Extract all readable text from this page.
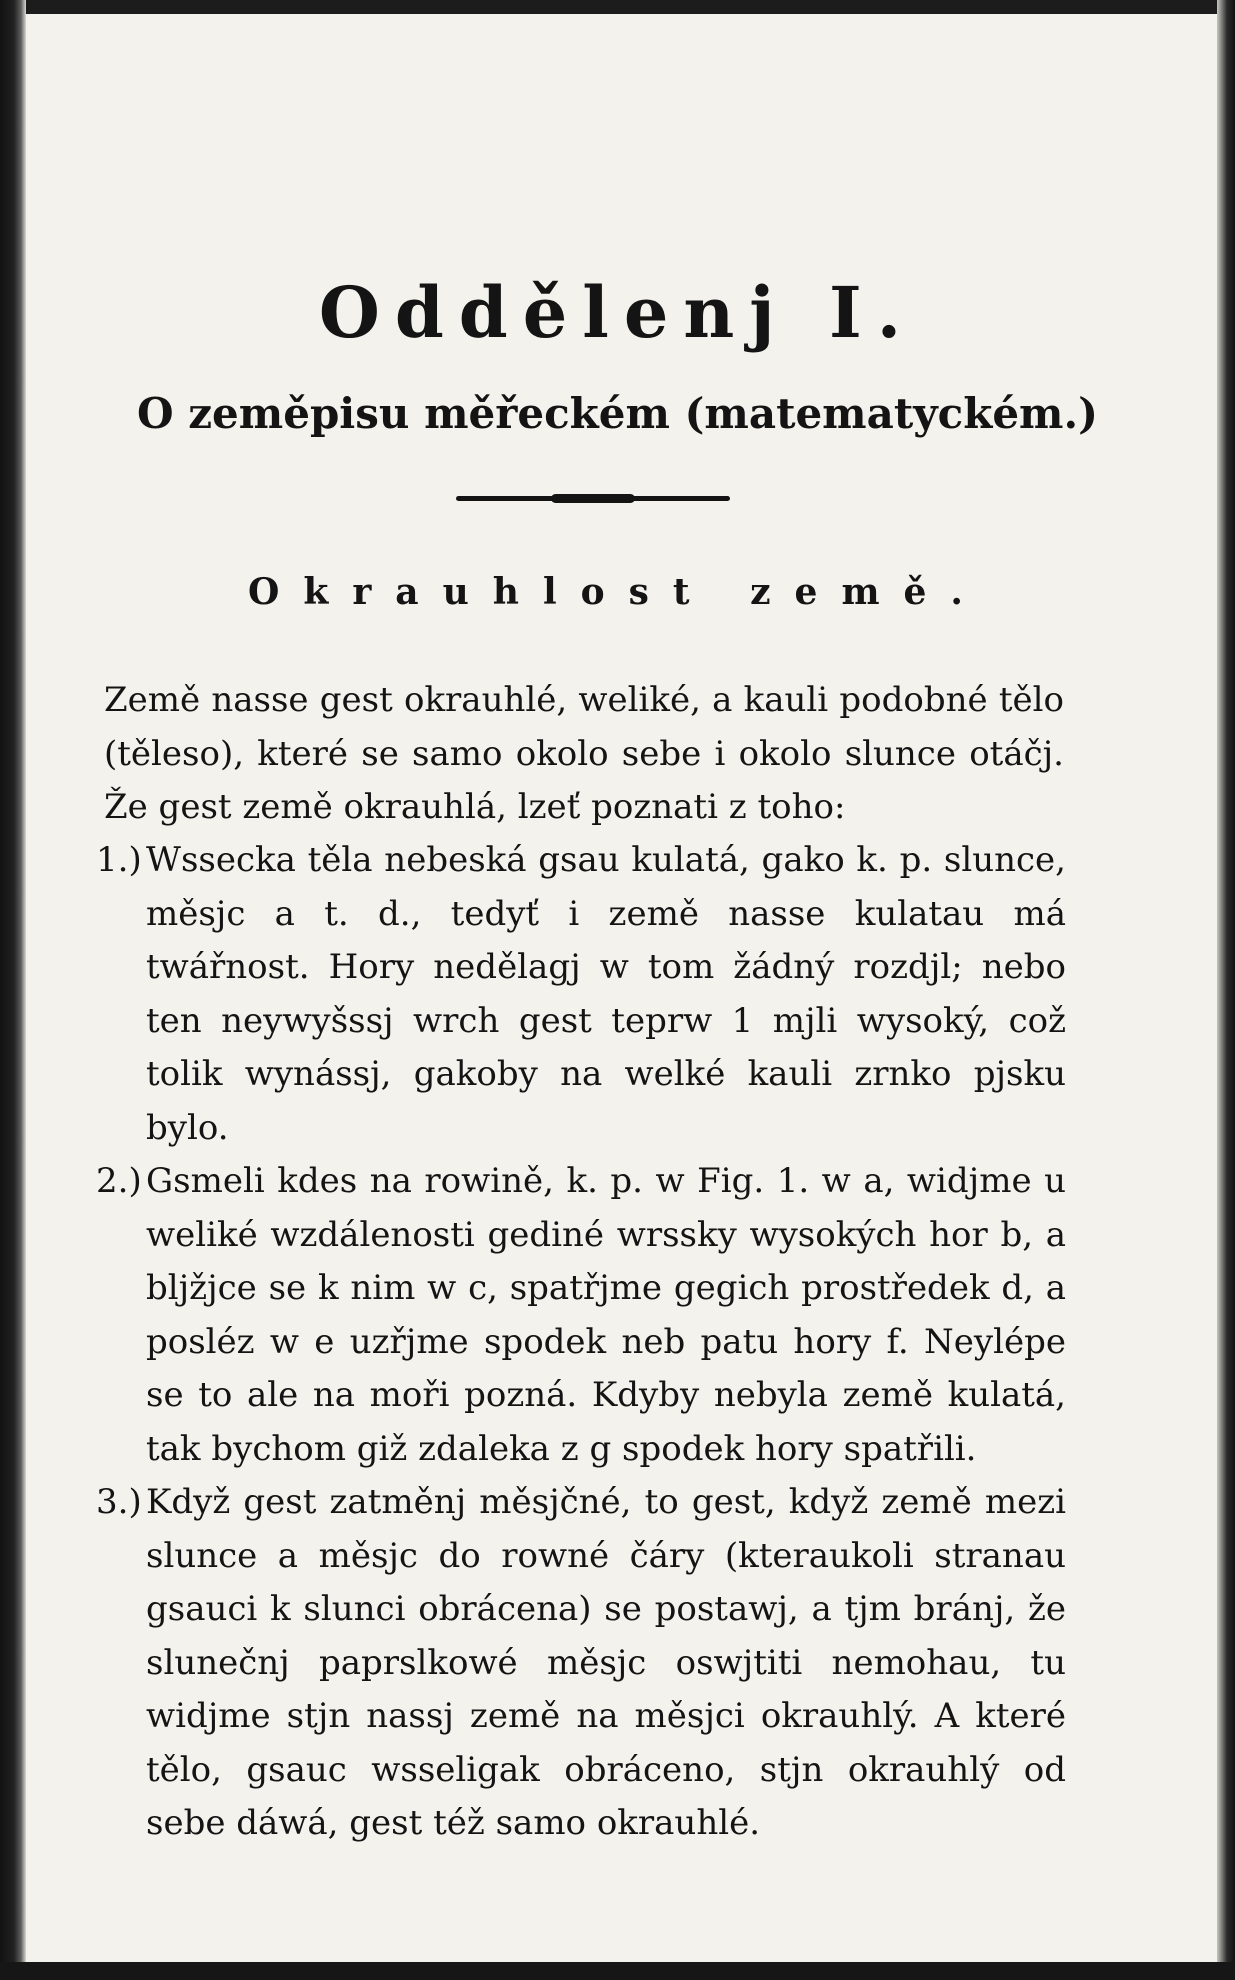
Oddělenj I.
O zeměpisu měřeckém (matematyckém.)
Okrauhlost země.
Země nasse gest okrauhlé, weliké, a kauli podobné tělo (těleso), které se samo okolo sebe i okolo slunce otáčj. Že gest země okrauhlá, lzeť poznati z toho:
1.) Wssecka těla nebeská gsau kulatá, gako k. p. slunce, měsjc a t. d., tedyť i země nasse kulatau má twářnost. Hory nedělagj w tom žádný rozdjl; nebo ten neywyšssj wrch gest teprw 1 mjli wysoký, což tolik wynássj, gakoby na welké kauli zrnko pjsku bylo.
2.) Gsmeli kdes na rowině, k. p. w Fig. 1. w a, widjme u weliké wzdálenosti gediné wrssky wysokých hor b, a bljžjce se k nim w c, spatřjme gegich prostředek d, a posléz w e uzřjme spodek neb patu hory f. Neylépe se to ale na moři pozná. Kdyby nebyla země kulatá, tak bychom giž zdaleka z g spodek hory spatřili.
3.) Když gest zatměnj měsjčné, to gest, když země mezi slunce a měsjc do rowné čáry (kteraukoli stranau gsauci k slunci obrácena) se postawj, a tjm bránj, že slunečnj paprslkowé měsjc oswjtiti nemohau, tu widjme stjn nassj země na měsjci okrauhlý. A které tělo, gsauc wsseligak obráceno, stjn okrauhlý od sebe dáwá, gest též samo okrauhlé.
